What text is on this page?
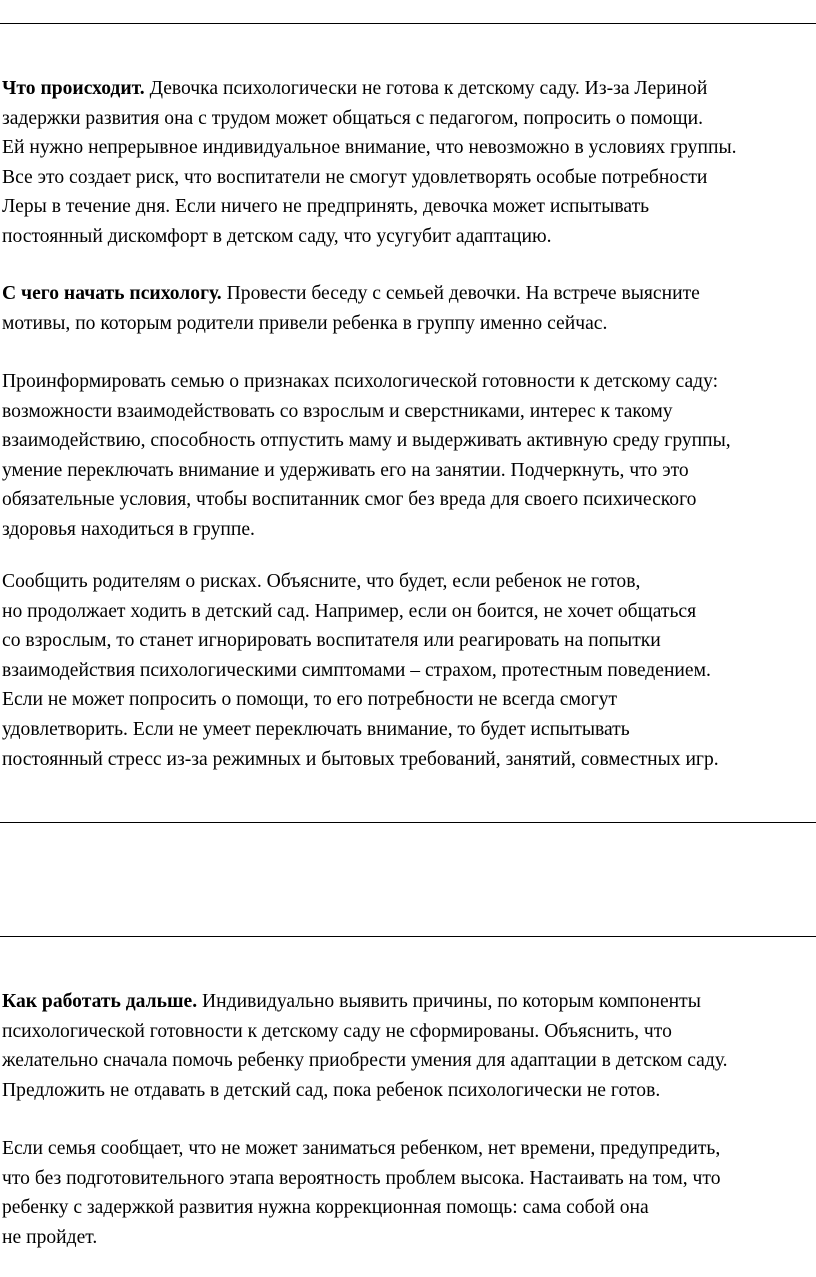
Что происходит. Девочка психологически не готова к детскому саду. Из-за Лериной
задержки развития она с трудом может общаться с педагогом, попросить о помощи.
Ей нужно непрерывное индивидуальное внимание, что невозможно в условиях группы.
Все это создает риск, что воспитатели не смогут удовлетворять особые потребности
Леры в течение дня. Если ничего не предпринять, девочка может испытывать
постоянный дискомфорт в детском саду, что усугубит адаптацию.

С чего начать психологу. Провести беседу с семьей девочки. На встрече выясните
мотивы, по которым родители привели ребенка в группу именно сейчас.

Проинформировать семью о признаках психологической готовности к детскому саду:
возможности взаимодействовать со взрослым и сверстниками, интерес к такому
взаимодействию, способность отпустить маму и выдерживать активную среду группы,
умение переключать внимание и удерживать его на занятии. Подчеркнуть, что это
обязательные условия, чтобы воспитанник смог без вреда для своего психического
здоровья находиться в группе.

Сообщить родителям о рисках. Объясните, что будет, если ребенок не готов,
но продолжает ходить в детский сад. Например, если он боится, не хочет общаться
со взрослым, то станет игнорировать воспитателя или реагировать на попытки
взаимодействия психологическими симптомами – страхом, протестным поведением.
Если не может попросить о помощи, то его потребности не всегда смогут
удовлетворить. Если не умеет переключать внимание, то будет испытывать
постоянный стресс из-за режимных и бытовых требований, занятий, совместных игр.

Как работать дальше. Индивидуально выявить причины, по которым компоненты
психологической готовности к детскому саду не сформированы. Объяснить, что
желательно сначала помочь ребенку приобрести умения для адаптации в детском саду.
Предложить не отдавать в детский сад, пока ребенок психологически не готов.

Если семья сообщает, что не может заниматься ребенком, нет времени, предупредить,
что без подготовительного этапа вероятность проблем высока. Настаивать на том, что
ребенку с задержкой развития нужна коррекционная помощь: сама собой она
не пройдет.
